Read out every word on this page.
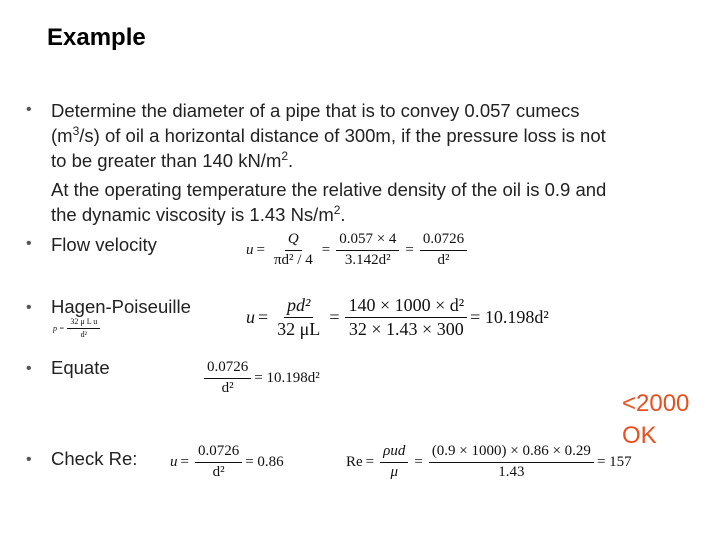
Example
•
Determine the diameter of a pipe that is to convey 0.057 cumecs
$(m^3/s)$ of oil a horizontal distance of 300m, if the pressure loss is not
to be greater than 140 $kN/m^2$.
At the operating temperature the relative density of the oil is 0.9 and
the dynamic viscosity is 1.43 $Ns/m^2$.
•
Flow velocity	$u = \frac{Q}{\text{πd² / 4}} = \frac{0.057 \times 4}{\text{3.142d²}} = \frac{0.0726}{\text{d²}}$
•
Hagen-Poiseuille
$p = \frac{\text{32 μ L u}}{\text{d²}}$
$u = \frac{\text{pd²}}{32 \mu L} = \frac{\text{140 × 1000 × d²}}{32 \times 1.43 \times 300} = 10.198d^2$
•
Equate	$\frac{0.0726}{\text{d²}} = 10.198d^2$
•
Check Re: $u = \frac{0.0726}{\text{d²}} = 0.86$	$Re = \frac{\text{ρud}}{\mu} = \frac{(0.9 \times 1000) \times 0.86 \times 0.29}{1.43} = 157$
<2000
OK
